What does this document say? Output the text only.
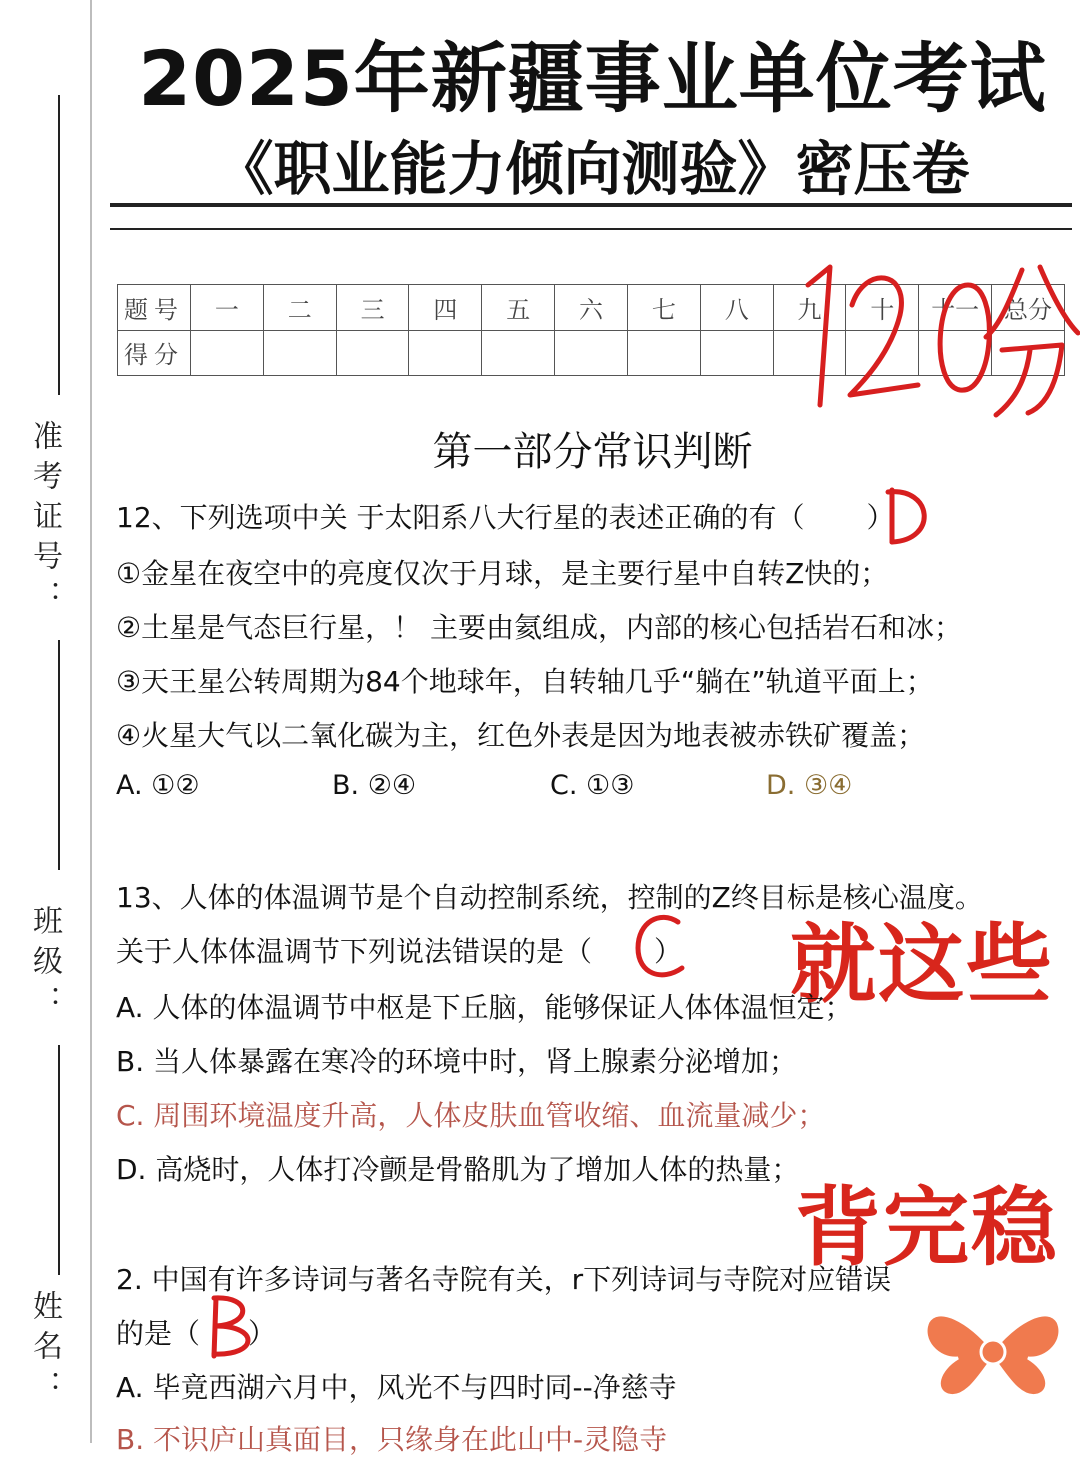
准考证号：
班级：
姓名：
2025年新疆事业单位考试
《职业能力倾向测验》密压卷
题号	一	二	三	四	五	六	七	八	九	十	十一	总分
得分												
第一部分常识判断
12、下列选项中关 于太阳系八大行星的表述正确的有（ ）
①金星在夜空中的亮度仅次于月球，是主要行星中自转Z快的；
②土星是气态巨行星，！ 主要由氦组成，内部的核心包括岩石和冰；
③天王星公转周期为84个地球年，自转轴几乎“躺在”轨道平面上；
④火星大气以二氧化碳为主，红色外表是因为地表被赤铁矿覆盖；
A. ①②	B. ②④	C. ①③	D. ③④
13、人体的体温调节是个自动控制系统，控制的Z终目标是核心温度。
关于人体体温调节下列说法错误的是（ ） 就这些
A. 人体的体温调节中枢是下丘脑，能够保证人体体温恒定；
B. 当人体暴露在寒冷的环境中时，肾上腺素分泌增加；
C. 周围环境温度升高，人体皮肤血管收缩、血流量减少；
D. 高烧时，人体打冷颤是骨骼肌为了增加人体的热量；
背完稳
2. 中国有许多诗词与著名寺院有关，r下列诗词与寺院对应错误
的是（ ）
A. 毕竟西湖六月中，风光不与四时同--净慈寺
B. 不识庐山真面目，只缘身在此山中-灵隐寺
